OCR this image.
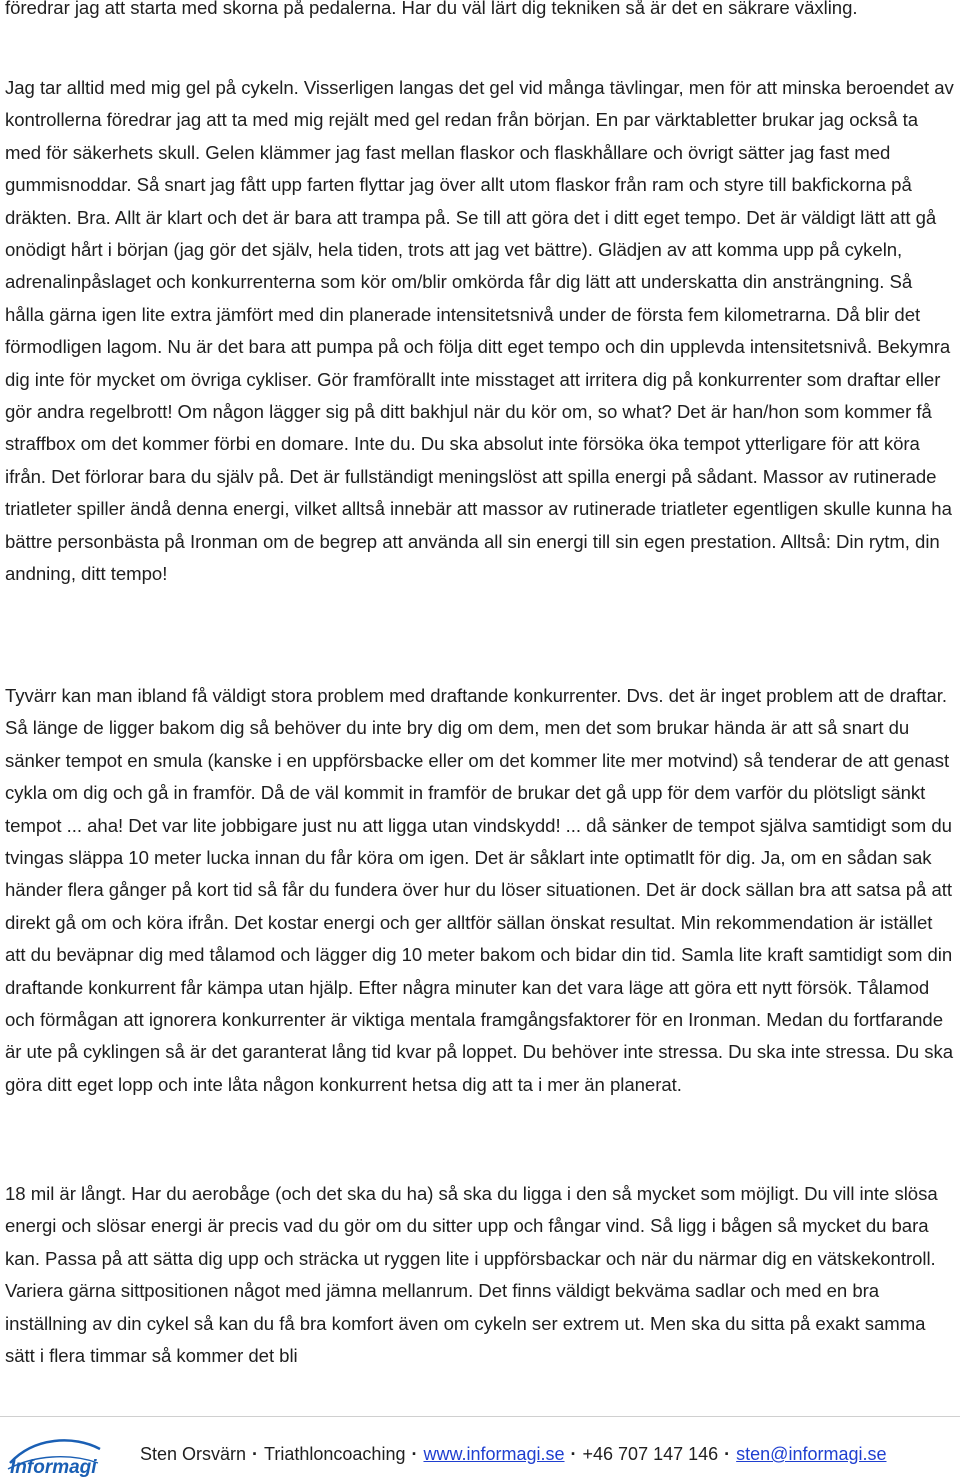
föredrar jag att starta med skorna på pedalerna. Har du väl lärt dig tekniken så är det en säkrare växling.

Jag tar alltid med mig gel på cykeln. Visserligen langas det gel vid många tävlingar, men för att minska beroendet av kontrollerna föredrar jag att ta med mig rejält med gel redan från början. En par värktabletter brukar jag också ta med för säkerhets skull. Gelen klämmer jag fast mellan flaskor och flaskhållare och övrigt sätter jag fast med gummisnoddar. Så snart jag fått upp farten flyttar jag över allt utom flaskor från ram och styre till bakfickorna på dräkten. Bra. Allt är klart och det är bara att trampa på. Se till att göra det i ditt eget tempo. Det är väldigt lätt att gå onödigt hårt i början (jag gör det själv, hela tiden, trots att jag vet bättre). Glädjen av att komma upp på cykeln, adrenalinpåslaget och konkurrenterna som kör om/blir omkörda får dig lätt att underskatta din ansträngning. Så hålla gärna igen lite extra jämfört med din planerade intensitetsnivå under de första fem kilometrarna. Då blir det förmodligen lagom. Nu är det bara att pumpa på och följa ditt eget tempo och din upplevda intensitetsnivå. Bekymra dig inte för mycket om övriga cykliser. Gör framförallt inte misstaget att irritera dig på konkurrenter som draftar eller gör andra regelbrott! Om någon lägger sig på ditt bakhjul när du kör om, so what? Det är han/hon som kommer få straffbox om det kommer förbi en domare. Inte du. Du ska absolut inte försöka öka tempot ytterligare för att köra ifrån. Det förlorar bara du själv på. Det är fullständigt meningslöst att spilla energi på sådant. Massor av rutinerade triatleter spiller ändå denna energi, vilket alltså innebär att massor av rutinerade triatleter egentligen skulle kunna ha bättre personbästa på Ironman om de begrep att använda all sin energi till sin egen prestation. Alltså: Din rytm, din andning, ditt tempo!

Tyvärr kan man ibland få väldigt stora problem med draftande konkurrenter. Dvs. det är inget problem att de draftar. Så länge de ligger bakom dig så behöver du inte bry dig om dem, men det som brukar hända är att så snart du sänker tempot en smula (kanske i en uppförsbacke eller om det kommer lite mer motvind) så tenderar de att genast cykla om dig och gå in framför. Då de väl kommit in framför de brukar det gå upp för dem varför du plötsligt sänkt tempot ... aha! Det var lite jobbigare just nu att ligga utan vindskydd! ... då sänker de tempot själva samtidigt som du tvingas släppa 10 meter lucka innan du får köra om igen. Det är såklart inte optimatlt för dig. Ja, om en sådan sak händer flera gånger på kort tid så får du fundera över hur du löser situationen. Det är dock sällan bra att satsa på att direkt gå om och köra ifrån. Det kostar energi och ger alltför sällan önskat resultat. Min rekommendation är istället att du beväpnar dig med tålamod och lägger dig 10 meter bakom och bidar din tid. Samla lite kraft samtidigt som din draftande konkurrent får kämpa utan hjälp. Efter några minuter kan det vara läge att göra ett nytt försök. Tålamod och förmågan att ignorera konkurrenter är viktiga mentala framgångsfaktorer för en Ironman. Medan du fortfarande är ute på cyklingen så är det garanterat lång tid kvar på loppet. Du behöver inte stressa. Du ska inte stressa. Du ska göra ditt eget lopp och inte låta någon konkurrent hetsa dig att ta i mer än planerat.

18 mil är långt. Har du aerobåge (och det ska du ha) så ska du ligga i den så mycket som möjligt. Du vill inte slösa energi och slösar energi är precis vad du gör om du sitter upp och fångar vind. Så ligg i bågen så mycket du bara kan. Passa på att sätta dig upp och sträcka ut ryggen lite i uppförsbackar och när du närmar dig en vätskekontroll. Variera gärna sittpositionen något med jämna mellanrum. Det finns väldigt bekväma sadlar och med en bra inställning av din cykel så kan du få bra komfort även om cykeln ser extrem ut. Men ska du sitta på exakt samma sätt i flera timmar så kommer det bli

Informagi
Sten Orsvärn · Triathloncoaching · www.informagi.se · +46 707 147 146 · sten@informagi.se
